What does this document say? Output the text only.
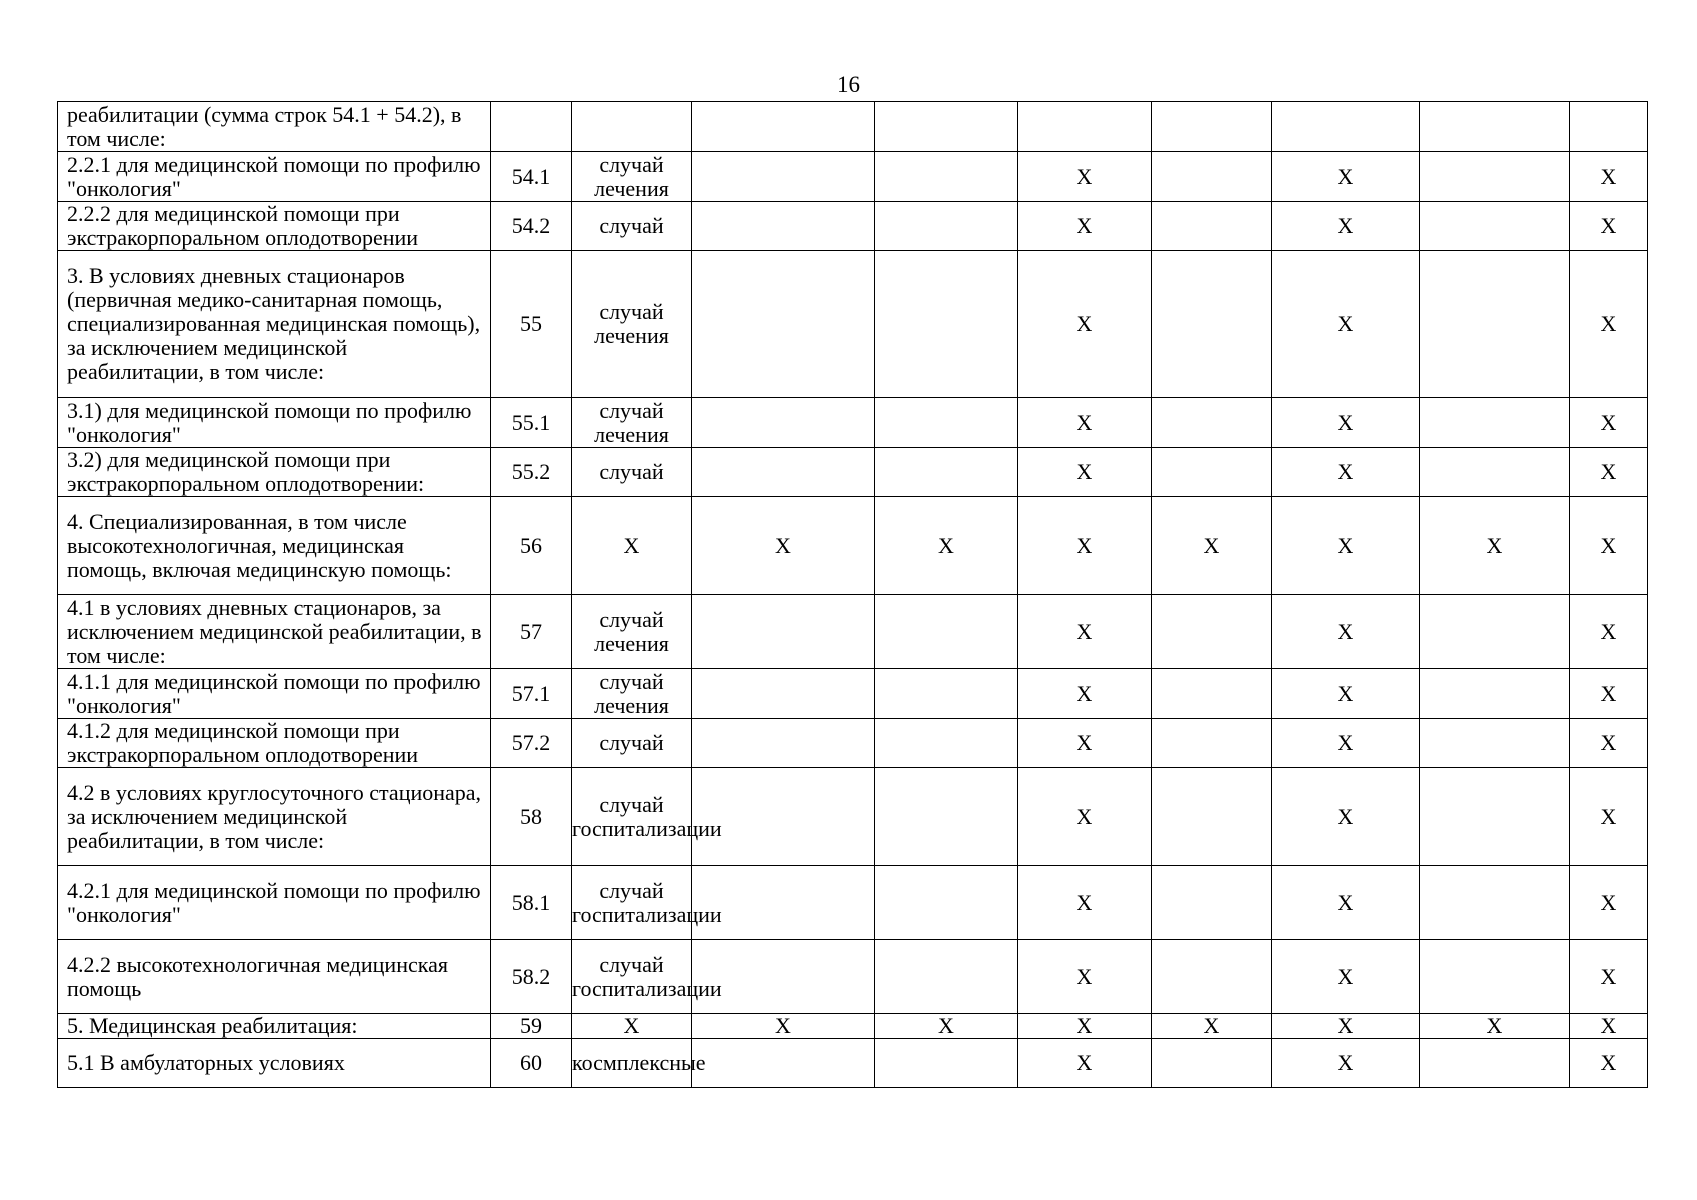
16
реабилитации (сумма строк 54.1 + 54.2), в том числе:									
2.2.1 для медицинской помощи по профилю "онкология"	54.1	случай лечения			X		X		X
2.2.2 для медицинской помощи при экстракорпоральном оплодотворении	54.2	случай			X		X		X
3. В условиях дневных стационаров (первичная медико-санитарная помощь, специализированная медицинская помощь), за исключением медицинской реабилитации, в том числе:	55	случай лечения			X		X		X
3.1) для медицинской помощи по профилю "онкология"	55.1	случай лечения			X		X		X
3.2) для медицинской помощи при экстракорпоральном оплодотворении:	55.2	случай			X		X		X
4. Специализированная, в том числе высокотехнологичная, медицинская помощь, включая медицинскую помощь:	56	X	X	X	X	X	X	X	X
4.1 в условиях дневных стационаров, за исключением медицинской реабилитации, в том числе:	57	случай лечения			X		X		X
4.1.1 для медицинской помощи по профилю "онкология"	57.1	случай лечения			X		X		X
4.1.2 для медицинской помощи при экстракорпоральном оплодотворении	57.2	случай			X		X		X
4.2 в условиях круглосуточного стационара, за исключением медицинской реабилитации, в том числе:	58	случай госпитализации			X		X		X
4.2.1 для медицинской помощи по профилю "онкология"	58.1	случай госпитализации			X		X		X
4.2.2 высокотехнологичная медицинская помощь	58.2	случай госпитализации			X		X		X
5. Медицинская реабилитация:	59	X	X	X	X	X	X	X	X
5.1 В амбулаторных условиях	60	космплексные			X		X		X
